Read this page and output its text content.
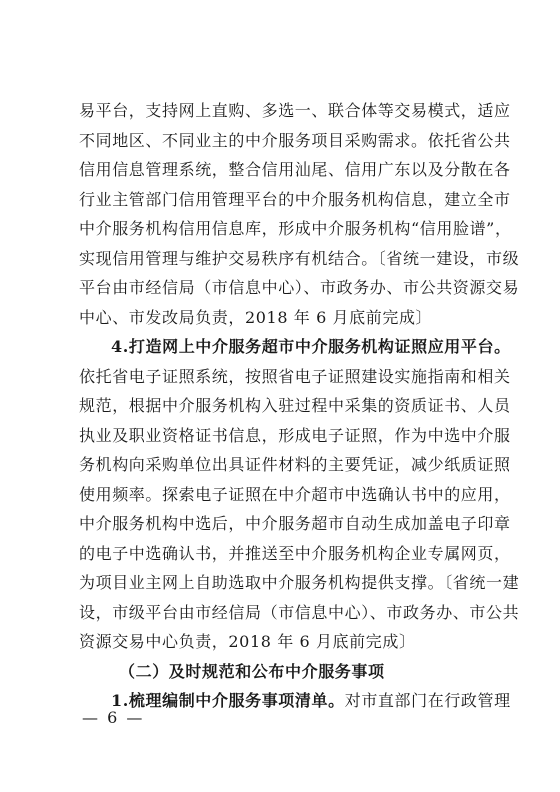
易平台，支持网上直购、多选一、联合体等交易模式，适应
不同地区、不同业主的中介服务项目采购需求。依托省公共
信用信息管理系统，整合信用汕尾、信用广东以及分散在各
行业主管部门信用管理平台的中介服务机构信息，建立全市
中介服务机构信用信息库，形成中介服务机构“信用脸谱”，
实现信用管理与维护交易秩序有机结合。〔省统一建设，市级
平台由市经信局（市信息中心）、市政务办、市公共资源交易
中心、市发改局负责，2018 年 6 月底前完成〕
4.打造网上中介服务超市中介服务机构证照应用平台。
依托省电子证照系统，按照省电子证照建设实施指南和相关
规范，根据中介服务机构入驻过程中采集的资质证书、人员
执业及职业资格证书信息，形成电子证照，作为中选中介服
务机构向采购单位出具证件材料的主要凭证，减少纸质证照
使用频率。探索电子证照在中介超市中选确认书中的应用，
中介服务机构中选后，中介服务超市自动生成加盖电子印章
的电子中选确认书，并推送至中介服务机构企业专属网页，
为项目业主网上自助选取中介服务机构提供支撑。〔省统一建
设，市级平台由市经信局（市信息中心）、市政务办、市公共
资源交易中心负责，2018 年 6 月底前完成〕
（二）及时规范和公布中介服务事项
1.梳理编制中介服务事项清单。对市直部门在行政管理
— 6 —
